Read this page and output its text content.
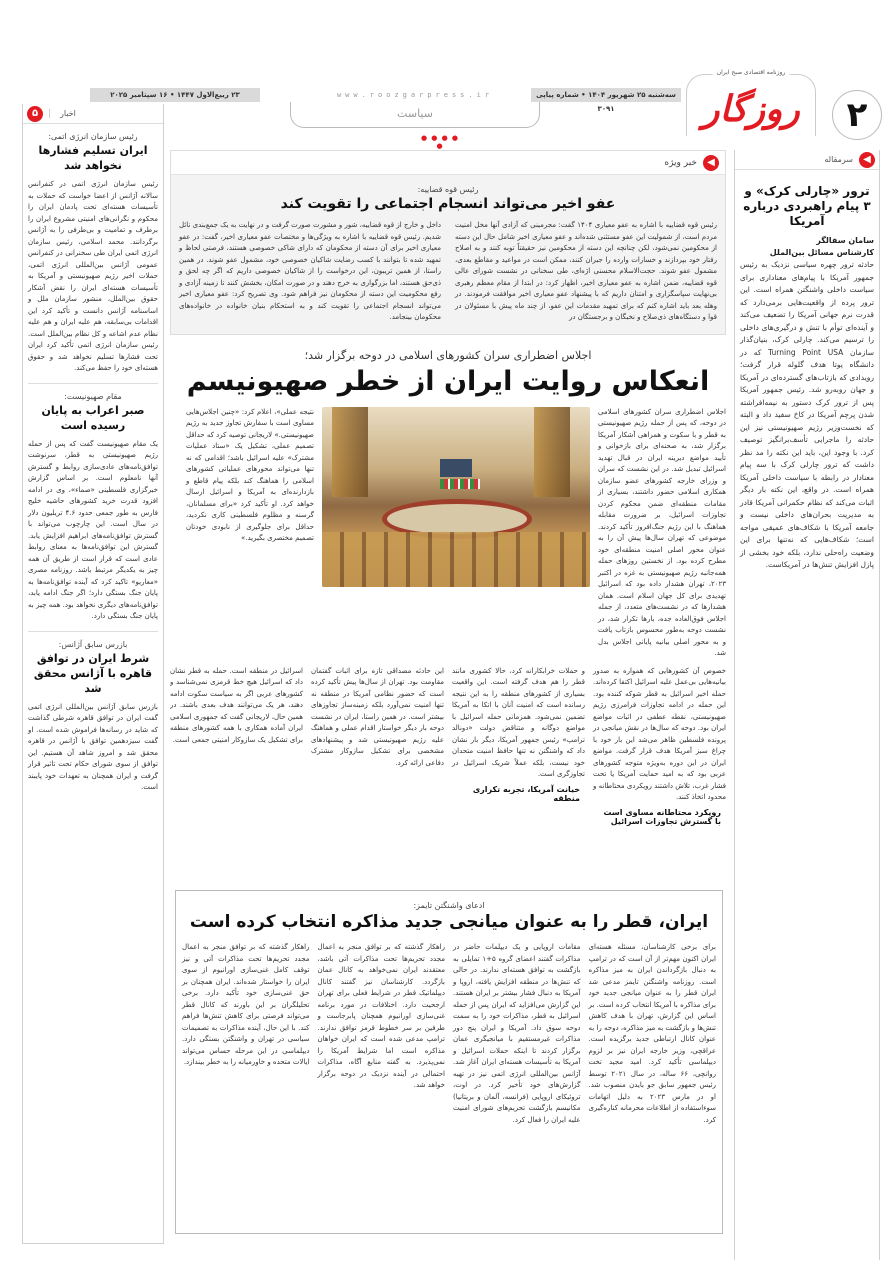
۲
روزنامه اقتصادی صبح ایران
روزگار
سه‌شنبه ۲۵ شهریور ۱۴۰۴ • شماره پیاپی ۳۰۹۱
www.roozgarpress.ir
۲۳ ربیع‌الاول ۱۴۴۷ • ۱۶ سپتامبر ۲۰۲۵
سیاست
● ● ● ● ●
۵	اخبار
رئیس سازمان انرژی اتمی:
ایران تسلیم فشارها نخواهد شد
رئیس سازمان انرژی اتمی در کنفرانس سالانه آژانس از اعضا خواست که حملات به تأسیسات هسته‌ای تحت پادمان ایران را محکوم و نگرانی‌های امنیتی مشروع ایران را برطرف و تمامیت و بی‌طرفی را به آژانس برگردانند. محمد اسلامی، رئیس سازمان انرژی اتمی ایران طی سخنرانی در کنفرانس عمومی آژانس بین‌المللی انرژی اتمی، حملات اخیر رژیم صهیونیستی و آمریکا به تأسیسات هسته‌ای ایران را نقض آشکار حقوق بین‌الملل، منشور سازمان ملل و اساسنامه آژانس دانست و تأکید کرد این اقدامات بی‌سابقه، هم علیه ایران و هم علیه نظام عدم اشاعه و کل نظام بین‌الملل است. رئیس سازمان انرژی اتمی تأکید کرد ایران تحت فشارها تسلیم نخواهد شد و حقوق هسته‌ای خود را حفظ می‌کند.
مقام صهیونیست:
صبر اعراب به پایان رسیده است
یک مقام صهیونیست گفت که پس از حمله رژیم صهیونیستی به قطر، سرنوشت توافق‌نامه‌های عادی‌سازی روابط و گسترش آنها نامعلوم است. بر اساس گزارش خبرگزاری فلسطینی «صماء»، وی در ادامه افزود قدرت خرید کشورهای حاشیه خلیج فارس به طور جمعی حدود ۴.۶ تریلیون دلار در سال است. این چارچوب می‌تواند با گسترش توافق‌نامه‌های ابراهیم افزایش یابد. گسترش این توافق‌نامه‌ها به معنای روابط عادی است که قرار است از طریق آن همه چیز به یکدیگر مرتبط باشد. روزنامه مصری «معاریو» تاکید کرد که آینده توافق‌نامه‌ها به پایان جنگ بستگی دارد؛ اگر جنگ ادامه یابد، توافق‌نامه‌های دیگری نخواهد بود. همه چیز به پایان جنگ بستگی دارد.
بازرس سابق آژانس:
شرط ایران در توافق قاهره با آژانس محقق شد
بازرس سابق آژانس بین‌المللی انرژی اتمی گفت ایران در توافق قاهره شرطی گذاشت که شاید در رسانه‌ها فراموش شده است. او گفت سیزدهمین توافق با آژانس در قاهره محقق شد و امروز شاهد آن هستیم. این توافق از سوی شورای حکام تحت تاثیر قرار گرفت و ایران همچنان به تعهدات خود پایبند است.
◀
سرمقاله
ترور «چارلی کرک» و ۳ پیام راهبردی درباره آمریکا
سامان سفالگر
کارشناس مسائل بین‌الملل
حادثه ترور چهره سیاسی نزدیک به رئیس جمهور آمریکا با پیام‌های معناداری برای سیاست داخلی واشنگتن همراه است. این ترور پرده از واقعیت‌هایی برمی‌دارد که قدرت نرم جهانی آمریکا را تضعیف می‌کند و آینده‌ای توأم با تنش و درگیری‌های داخلی را ترسیم می‌کند. چارلی کرک، بنیان‌گذار سازمان Turning Point USA که در دانشگاه یوتا هدف گلوله قرار گرفت؛ رویدادی که بازتاب‌های گسترده‌ای در آمریکا و جهان روبه‌رو شد. رئیس جمهور آمریکا پس از ترور کرک دستور به نیمه‌افراشته شدن پرچم آمریکا در کاخ سفید داد و البته که نخست‌وزیر رژیم صهیونیستی نیز این حادثه را ماجرایی تأسف‌برانگیز توصیف کرد. با وجود این، باید این نکته را مد نظر داشت که ترور چارلی کرک با سه پیام معنادار در رابطه با سیاست داخلی آمریکا همراه است. در واقع، این نکته بار دیگر اثبات می‌کند که نظام حکمرانی آمریکا قادر به مدیریت بحران‌های داخلی نیست و جامعه آمریکا با شکاف‌های عمیقی مواجه است؛ شکاف‌هایی که نه‌تنها برای این وضعیت راه‌حلی ندارد، بلکه خود بخشی از پازل افزایش تنش‌ها در آمریکاست.
◀
خبر ویژه
رئیس قوه قضاییه:
عفو اخیر می‌تواند انسجام اجتماعی را تقویت کند
رئیس قوه قضاییه با اشاره به عفو معیاری ۱۴۰۴ گفت: مجرمینی که آزادی آنها مخل امنیت مردم است، از شمولیت این عفو مستثنی شده‌اند و عفو معیاری اخیر شامل حال این دسته از محکومین نمی‌شود، لکن چنانچه این دسته از محکومین نیز حقیقتاً توبه کنند و به اصلاح رفتار خود بپردازند و خسارات وارده را جبران کنند، ممکن است در مواعید و مقاطع بعدی، مشمول عفو شوند. حجت‌الاسلام محسنی اژه‌ای، طی سخنانی در نشست شورای عالی قوه قضاییه، ضمن اشاره به عفو معیاری اخیر، اظهار کرد: در ابتدا از مقام معظم رهبری بی‌نهایت سپاسگزاری و امتنان داریم که با پیشنهاد عفو معیاری اخیر موافقت فرمودند. در وهله بعد باید اشاره کنم که برای تمهید مقدمات این عفو، از چند ماه پیش با مسئولان در قوا و دستگاه‌های ذی‌صلاح و نخبگان و برجستگان در
داخل و خارج از قوه قضاییه، شور و مشورت صورت گرفت و در نهایت به یک جمع‌بندی نائل شدیم. رئیس قوه قضاییه با اشاره به ویژگی‌ها و مختصات عفو معیاری اخیر، گفت: در عفو معیاری اخیر برای آن دسته از محکومان که دارای شاکی خصوصی هستند، فرصتی لحاظ و تمهید شده تا بتوانند با کسب رضایت شاکیان خصوصی خود، مشمول عفو شوند. در همین راستا، از همین تریبون، این درخواست را از شاکیان خصوصی داریم که اگر چه لحق و ذی‌حق هستند، اما بزرگواری به خرج دهند و در صورت امکان، بخشش کنند تا زمینه آزادی و رفع محکومیت این دسته از محکومان نیز فراهم شود. وی تصریح کرد: عفو معیاری اخیر می‌تواند انسجام اجتماعی را تقویت کند و به استحکام بنیان خانواده در خانواده‌های محکومان بینجامد.
اجلاس اضطراری سران کشورهای اسلامی در دوحه برگزار شد؛
انعکاس روایت ایران از خطر صهیونیسم
اجلاس اضطراری سران کشورهای اسلامی در دوحه، که پس از حمله رژیم صهیونیستی به قطر و با سکوت و همراهی آشکار آمریکا برگزار شد، به صحنه‌ای برای بازخوانی و تأیید مواضع دیرینه ایران در قبال تهدید اسرائیل تبدیل شد. در این نشست که سران و وزرای خارجه کشورهای عضو سازمان همکاری اسلامی حضور داشتند، بسیاری از مقامات منطقه‌ای ضمن محکوم کردن تجاوزات اسرائیل، بر ضرورت مقابله هماهنگ با این رژیم جنگ‌افروز تأکید کردند. موضوعی که تهران سال‌ها پیش آن را به عنوان محور اصلی امنیت منطقه‌ای خود مطرح کرده بود. از نخستین روزهای حمله همه‌جانبه رژیم صهیونیستی به غزه در اکتبر ۲۰۲۳، تهران هشدار داده بود که اسرائیل تهدیدی برای کل جهان اسلام است. همان هشدارها که در نشست‌های متعدد، از جمله اجلاس فوق‌العاده جده، بارها تکرار شد، در نشست دوحه به‌طور محسوس بازتاب یافت و به محور اصلی بیانیه پایانی اجلاس بدل شد.
نتیجه عملی»، اعلام کرد: «چنین اجلاس‌هایی مساوی است با سفارش تجاوز جدید به رژیم صهیونیستی.» لاریجانی توصیه کرد که حداقل تصمیم عملی، تشکیل یک «ستاد عملیات مشترک» علیه اسرائیل باشد؛ اقدامی که نه تنها می‌تواند محورهای عملیاتی کشورهای اسلامی را هماهنگ کند بلکه پیام قاطع و بازدارنده‌ای به آمریکا و اسرائیل ارسال خواهد کرد. او تأکید کرد «برای مسلمانان، گرسنه و مظلوم فلسطینی کاری نکردید، حداقل برای جلوگیری از نابودی خودتان تصمیم مختصری بگیرید.»
خصوص آن کشورهایی که همواره به صدور بیانیه‌هایی بی‌عمل علیه اسرائیل اکتفا کرده‌اند. حمله اخیر اسرائیل به قطر شوکه کننده بود. این حمله در ادامه تجاوزات فرامرزی رژیم صهیونیستی، نقطه عطفی در اثبات مواضع ایران بود. دوحه که سال‌ها در نقش میانجی در پرونده فلسطین ظاهر می‌شد این بار خود با چراغ سبز آمریکا هدف قرار گرفت. مواضع ایران در این دوره به‌ویژه متوجه کشورهای عربی بود که به امید حمایت آمریکا یا تحت فشار غرب، تلاش داشتند رویکردی محتاطانه و محدود اتخاذ کنند.
رویکرد محتاطانه مساوی است با گسترش تجاوزات اسرائیل
و حملات خرابکارانه کرد، حالا کشوری مانند قطر را هم هدف گرفته است. این واقعیت بسیاری از کشورهای منطقه را به این نتیجه رسانده است که امنیت آنان با اتکا به آمریکا تضمین نمی‌شود. همزمانی حمله اسرائیل با مواضع دوگانه و متناقض دولت «دونالد ترامپ» رئیس جمهور آمریکا، دیگر بار نشان داد که واشنگتن نه تنها حافظ امنیت متحدان خود نیست، بلکه عملاً شریک اسرائیل در تجاوزگری است.
خیانت آمریکا، تجربه تکراری منطقه
این حادثه مصداقی تازه برای اثبات گفتمان مقاومت بود. تهران از سال‌ها پیش تأکید کرده است که حضور نظامی آمریکا در منطقه نه تنها امنیت نمی‌آورد بلکه زمینه‌ساز تجاوزهای بیشتر است. در همین راستا، ایران در نشست دوحه بار دیگر خواستار اقدام عملی و هماهنگ علیه رژیم صهیونیستی شد و پیشنهادهای مشخصی برای تشکیل سازوکار مشترک دفاعی ارائه کرد.
اسرائیل در منطقه است. حمله به قطر نشان داد که اسرائیل هیچ خط قرمزی نمی‌شناسد و کشورهای عربی اگر به سیاست سکوت ادامه دهند، هر یک می‌توانند هدف بعدی باشند. در همین حال، لاریجانی گفت که جمهوری اسلامی ایران آماده همکاری با همه کشورهای منطقه برای تشکیل یک سازوکار امنیتی جمعی است.
ادعای واشنگتن تایمز:
ایران، قطر را به عنوان میانجی جدید مذاکره انتخاب کرده است
برای برخی کارشناسان، مسئله هسته‌ای ایران اکنون مهم‌تر از آن است که در ترامپ به دنبال بازگرداندن ایران به میز مذاکره است. روزنامه واشنگتن تایمز مدعی شد ایران قطر را به عنوان میانجی جدید خود برای مذاکره با آمریکا انتخاب کرده است. بر اساس این گزارش، تهران با هدف کاهش تنش‌ها و بازگشت به میز مذاکره، دوحه را به عنوان کانال ارتباطی جدید برگزیده است. عراقچی، وزیر خارجه ایران نیز بر لزوم دیپلماسی تأکید کرد. امید مجید تخت روانچی، ۶۶ ساله، در سال ۲۰۲۱ توسط رئیس جمهور سابق جو بایدن منصوب شد. او در مارس ۲۰۲۳ به دلیل اتهامات سوءاستفاده از اطلاعات محرمانه کناره‌گیری کرد.
مقامات اروپایی و یک دیپلمات حاضر در مذاکرات گفتند اعضای گروه ۵+۱ تمایلی به بازگشت به توافق هسته‌ای ندارند. در حالی که تنش‌ها در منطقه افزایش یافته، اروپا و آمریکا به دنبال فشار بیشتر بر ایران هستند. این گزارش می‌افزاید که ایران پس از حمله اسرائیل به قطر، مذاکرات خود را به سمت دوحه سوق داد. آمریکا و ایران پنج دور مذاکرات غیرمستقیم با میانجیگری عمان برگزار کردند تا اینکه حملات اسرائیل و آمریکا به تأسیسات هسته‌ای ایران آغاز شد. آژانس بین‌المللی انرژی اتمی نیز در تهیه گزارش‌های خود تأخیر کرد. در اوت، تروئیکای اروپایی (فرانسه، آلمان و بریتانیا) مکانیسم بازگشت تحریم‌های شورای امنیت علیه ایران را فعال کرد.
راهکار گذشته که بر توافق منجر به اعمال مجدد تحریم‌ها تحت مذاکرات آتی باشد، معتقدند ایران نمی‌خواهد به کانال عمان بازگردد. کارشناسان نیز گفتند کانال دیپلماتیک قطر در شرایط فعلی برای تهران ارجحیت دارد. اختلافات در مورد برنامه غنی‌سازی اورانیوم همچنان پابرجاست و طرفین بر سر خطوط قرمز توافق ندارند. ترامپ مدعی شده است که ایران خواهان مذاکره است اما شرایط آمریکا را نمی‌پذیرد. به گفته منابع آگاه، مذاکرات احتمالی در آینده نزدیک در دوحه برگزار خواهد شد.
راهکار گذشته که بر توافق منجر به اعمال مجدد تحریم‌ها تحت مذاکرات آتی و نیز توقف کامل غنی‌سازی اورانیوم از سوی ایران را خواستار شده‌اند. ایران همچنان بر حق غنی‌سازی خود تأکید دارد. برخی تحلیلگران بر این باورند که کانال قطر می‌تواند فرصتی برای کاهش تنش‌ها فراهم کند. با این حال، آینده مذاکرات به تصمیمات سیاسی در تهران و واشنگتن بستگی دارد. دیپلماسی در این مرحله حساس می‌تواند ایالات متحده و خاورمیانه را به خطر بیندازد.
